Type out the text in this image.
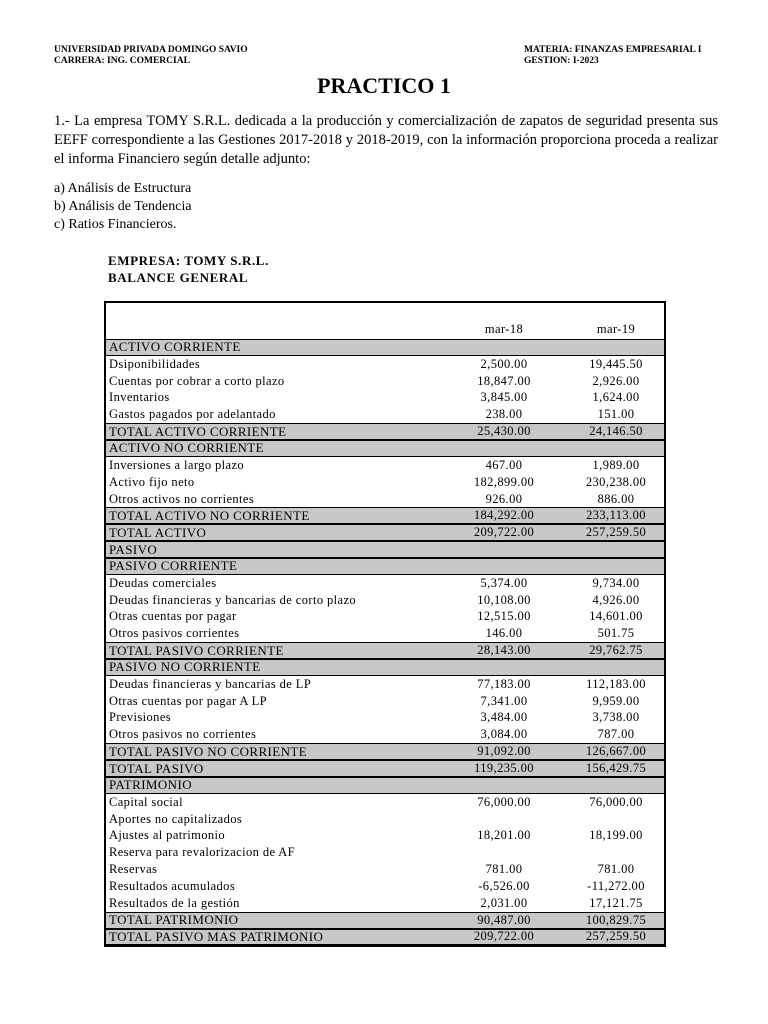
UNIVERSIDAD PRIVADA DOMINGO SAVIO
CARRERA: ING. COMERCIAL
MATERIA: FINANZAS EMPRESARIAL I
GESTION: I-2023
PRACTICO 1
1.- La empresa TOMY S.R.L. dedicada a la producción y comercialización de zapatos de seguridad presenta sus EEFF correspondiente a las Gestiones 2017-2018 y 2018-2019, con la información proporciona proceda a realizar el informa Financiero según detalle adjunto:
a) Análisis de Estructura
b) Análisis de Tendencia
c) Ratios Financieros.
EMPRESA: TOMY S.R.L.
BALANCE GENERAL
mar-18	mar-19
ACTIVO CORRIENTE
Dsiponibilidades	2,500.00	19,445.50
Cuentas por cobrar a corto plazo	18,847.00	2,926.00
Inventarios	3,845.00	1,624.00
Gastos pagados por adelantado	238.00	151.00
TOTAL ACTIVO CORRIENTE	25,430.00	24,146.50
ACTIVO NO CORRIENTE
Inversiones a largo plazo	467.00	1,989.00
Activo fijo neto	182,899.00	230,238.00
Otros activos no corrientes	926.00	886.00
TOTAL ACTIVO NO CORRIENTE	184,292.00	233,113.00
TOTAL ACTIVO	209,722.00	257,259.50
PASIVO
PASIVO CORRIENTE
Deudas comerciales	5,374.00	9,734.00
Deudas financieras y bancarias de corto plazo	10,108.00	4,926.00
Otras cuentas por pagar	12,515.00	14,601.00
Otros pasivos corrientes	146.00	501.75
TOTAL PASIVO CORRIENTE	28,143.00	29,762.75
PASIVO NO CORRIENTE
Deudas financieras y bancarias de LP	77,183.00	112,183.00
Otras cuentas por pagar A LP	7,341.00	9,959.00
Previsiones	3,484.00	3,738.00
Otros pasivos no corrientes	3,084.00	787.00
TOTAL PASIVO NO CORRIENTE	91,092.00	126,667.00
TOTAL PASIVO	119,235.00	156,429.75
PATRIMONIO
Capital social	76,000.00	76,000.00
Aportes no capitalizados
Ajustes al patrimonio	18,201.00	18,199.00
Reserva para revalorizacion de AF
Reservas	781.00	781.00
Resultados acumulados	-6,526.00	-11,272.00
Resultados de la gestión	2,031.00	17,121.75
TOTAL PATRIMONIO	90,487.00	100,829.75
TOTAL PASIVO MAS PATRIMONIO	209,722.00	257,259.50
